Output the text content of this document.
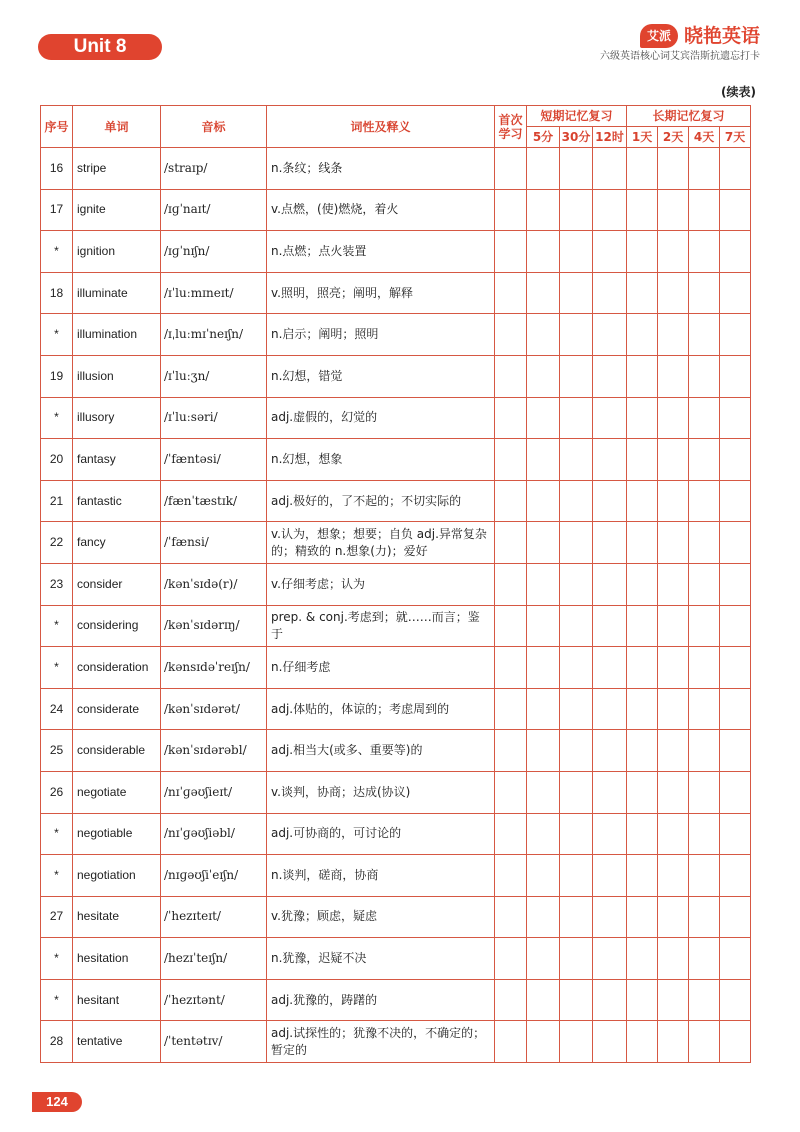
Unit 8	艾派 晓艳英语
六级英语核心词艾宾浩斯抗遗忘打卡
(续表)
序号	单词	音标	词性及释义	首次学习	短期记忆复习			长期记忆复习			
					5分	30分	12时	1天	2天	4天	7天
16	stripe	/straɪp/	n.条纹；线条								
17	ignite	/ɪɡˈnaɪt/	v.点燃，(使)燃烧，着火								
*	ignition	/ɪɡˈnɪʃn/	n.点燃；点火装置								
18	illuminate	/ɪˈluːmɪneɪt/	v.照明，照亮；阐明，解释								
*	illumination	/ɪˌluːmɪˈneɪʃn/	n.启示；阐明；照明								
19	illusion	/ɪˈluːʒn/	n.幻想，错觉								
*	illusory	/ɪˈluːsəri/	adj.虚假的，幻觉的								
20	fantasy	/ˈfæntəsi/	n.幻想，想象								
21	fantastic	/fænˈtæstɪk/	adj.极好的，了不起的；不切实际的								
22	fancy	/ˈfænsi/	v.认为，想象；想要；自负 adj.异常复杂的；精致的 n.想象(力)；爱好								
23	consider	/kənˈsɪdə(r)/	v.仔细考虑；认为								
*	considering	/kənˈsɪdərɪŋ/	prep. & conj.考虑到；就……而言；鉴于								
*	consideration	/kənsɪdəˈreɪʃn/	n.仔细考虑								
24	considerate	/kənˈsɪdərət/	adj.体贴的，体谅的；考虑周到的								
25	considerable	/kənˈsɪdərəbl/	adj.相当大(或多、重要等)的								
26	negotiate	/nɪˈɡəʊʃieɪt/	v.谈判，协商；达成(协议)								
*	negotiable	/nɪˈɡəʊʃiəbl/	adj.可协商的，可讨论的								
*	negotiation	/nɪɡəʊʃiˈeɪʃn/	n.谈判，磋商，协商								
27	hesitate	/ˈhezɪteɪt/	v.犹豫；顾虑，疑虑								
*	hesitation	/hezɪˈteɪʃn/	n.犹豫，迟疑不决								
*	hesitant	/ˈhezɪtənt/	adj.犹豫的，踌躇的								
28	tentative	/ˈtentətɪv/	adj.试探性的；犹豫不决的，不确定的；暂定的								
124
